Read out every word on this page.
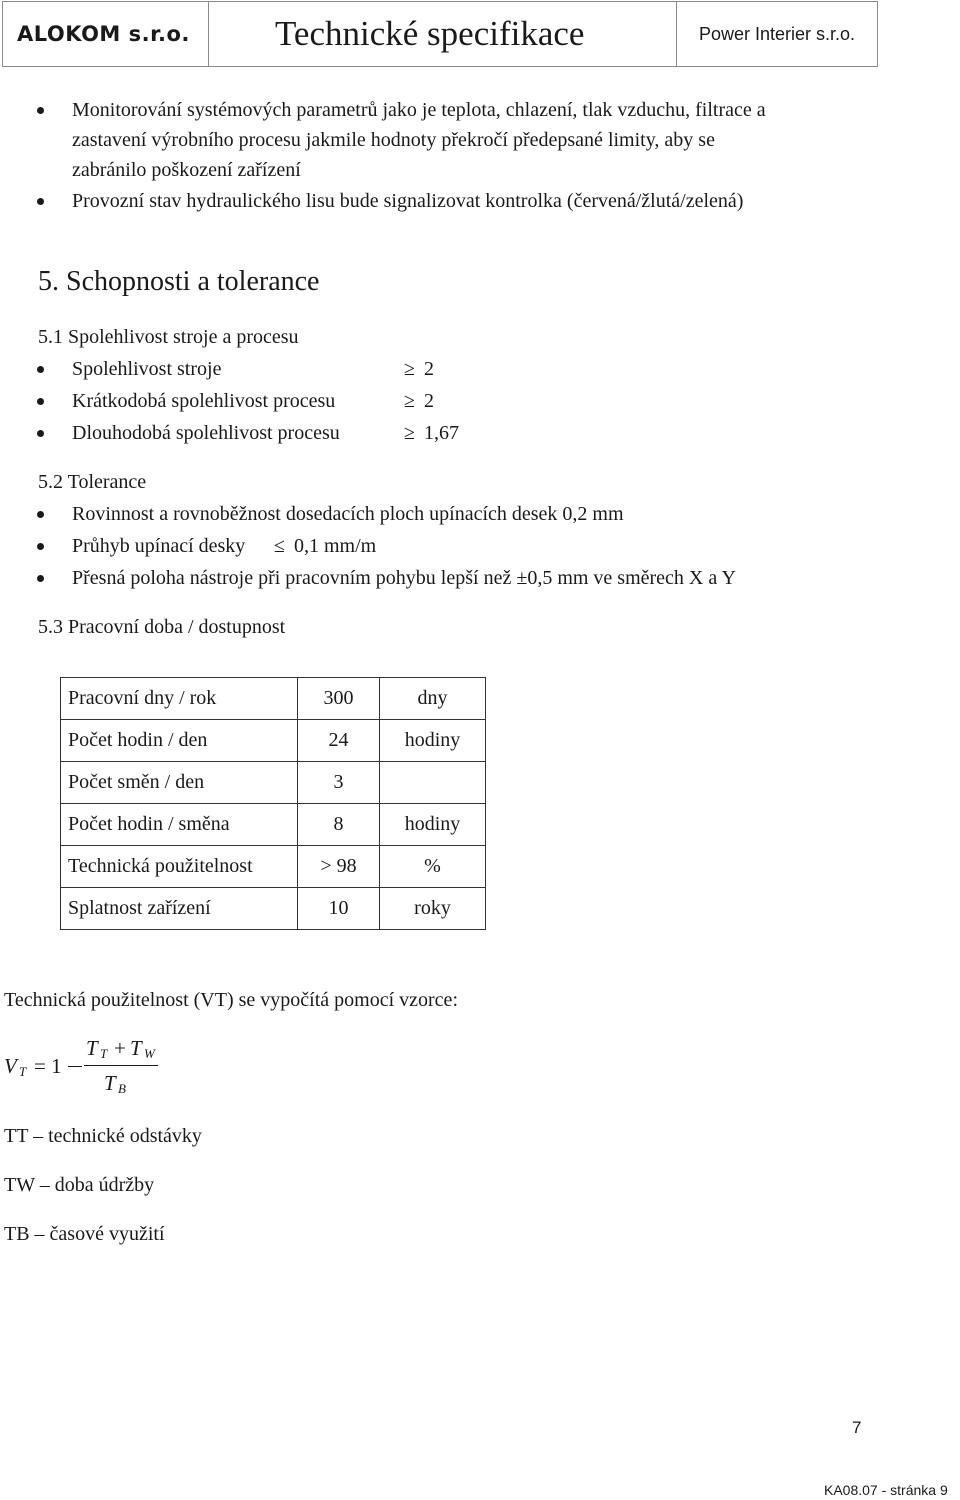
ALOKOM s.r.o.	Technické specifikace	Power Interier s.r.o.
Monitorování systémových parametrů jako je teplota, chlazení, tlak vzduchu, filtrace a
zastavení výrobního procesu jakmile hodnoty překročí předepsané limity, aby se
zabránilo poškození zařízení
Provozní stav hydraulického lisu bude signalizovat kontrolka (červená/žlutá/zelená)
5. Schopnosti a tolerance
5.1 Spolehlivost stroje a procesu
Spolehlivost stroje	≥ 2
Krátkodobá spolehlivost procesu	≥ 2
Dlouhodobá spolehlivost procesu	≥ 1,67
5.2 Tolerance
Rovinnost a rovnoběžnost dosedacích ploch upínacích desek 0,2 mm
Průhyb upínací desky ≤ 0,1 mm/m
Přesná poloha nástroje při pracovním pohybu lepší než ±0,5 mm ve směrech X a Y
5.3 Pracovní doba / dostupnost
Pracovní dny / rok	300	dny
Počet hodin / den	24	hodiny
Počet směn / den	3	
Počet hodin / směna	8	hodiny
Technická použitelnost	> 98	%
Splatnost zařízení	10	roky
Technická použitelnost (VT) se vypočítá pomocí vzorce:
V T = 1
T T + T W
T B
TT – technické odstávky
TW – doba údržby
TB – časové využití
7
KA08.07 - stránka 9
